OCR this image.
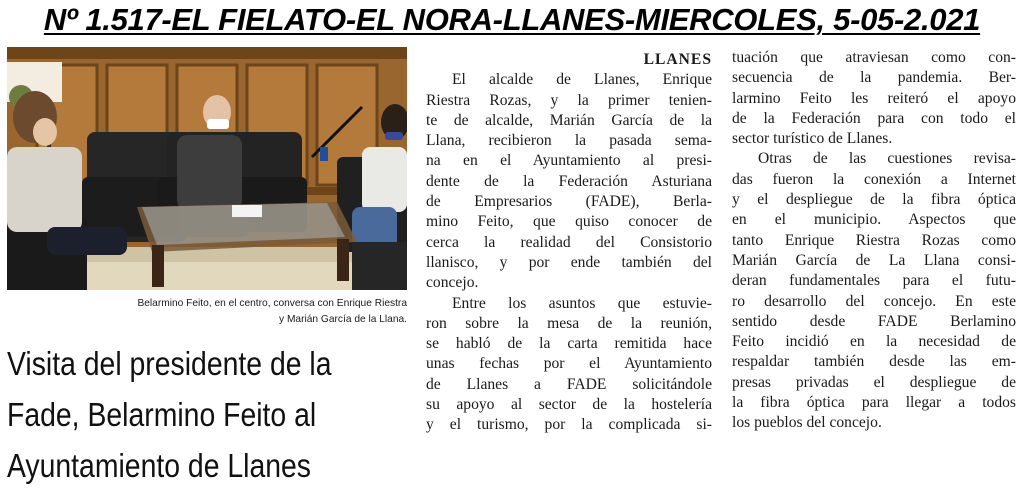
Nº 1.517-EL FIELATO-EL NORA-LLANES-MIERCOLES, 5-05-2.021
Belarmino Feito, en el centro, conversa con Enrique Riestra
y Marián García de la Llana.
Visita del presidente de la
Fade, Belarmino Feito al
Ayuntamiento de Llanes
LLANES
El alcalde de Llanes, Enrique
Riestra Rozas, y la primer tenien-
te de alcalde, Marián García de la
Llana, recibieron la pasada sema-
na en el Ayuntamiento al presi-
dente de la Federación Asturiana
de Empresarios (FADE), Berla-
mino Feito, que quiso conocer de
cerca la realidad del Consistorio
llanisco, y por ende también del
concejo.
Entre los asuntos que estuvie-
ron sobre la mesa de la reunión,
se habló de la carta remitida hace
unas fechas por el Ayuntamiento
de Llanes a FADE solicitándole
su apoyo al sector de la hostelería
y el turismo, por la complicada si-
tuación que atraviesan como con-
secuencia de la pandemia. Ber-
larmino Feito les reiteró el apoyo
de la Federación para con todo el
sector turístico de Llanes.
Otras de las cuestiones revisa-
das fueron la conexión a Internet
y el despliegue de la fibra óptica
en el municipio. Aspectos que
tanto Enrique Riestra Rozas como
Marián García de La Llana consi-
deran fundamentales para el futu-
ro desarrollo del concejo. En este
sentido desde FADE Berlamino
Feito incidió en la necesidad de
respaldar también desde las em-
presas privadas el despliegue de
la fibra óptica para llegar a todos
los pueblos del concejo.
